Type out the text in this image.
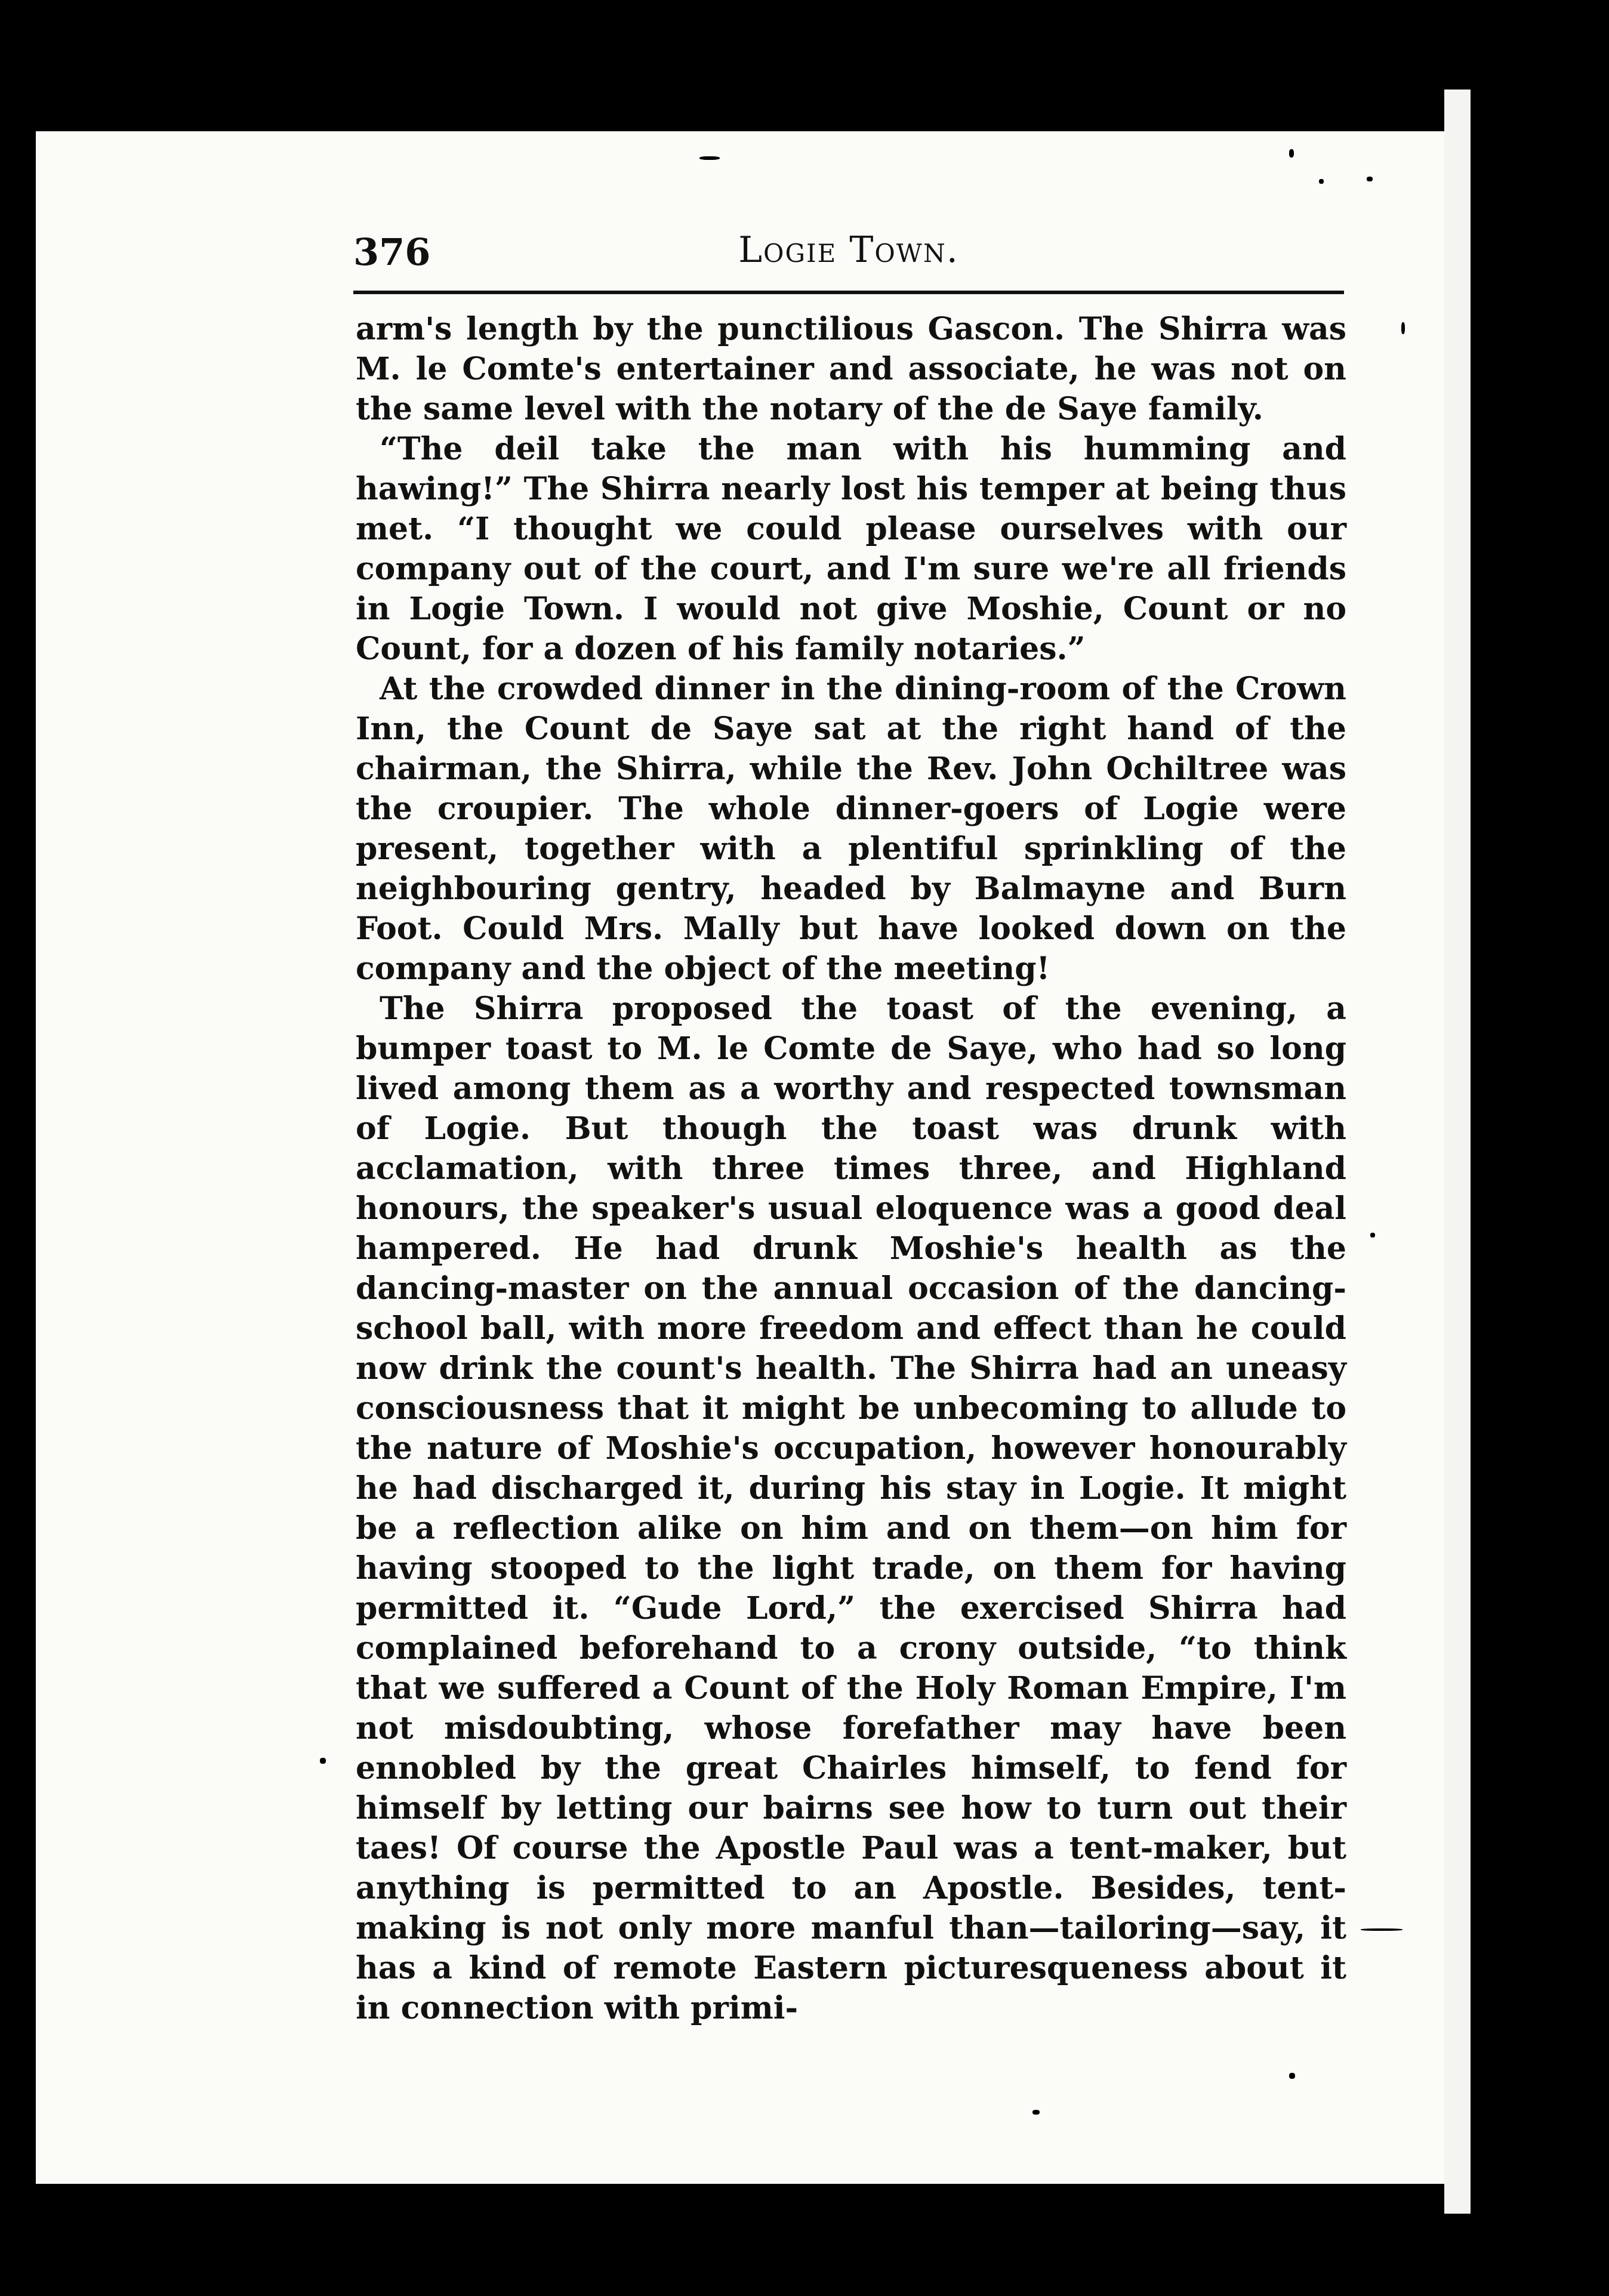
376	Logie Town.

arm's length by the punctilious Gascon. The Shirra was M. le Comte's entertainer and associate, he was not on the same level with the notary of the de Saye family.

“The deil take the man with his humming and hawing!” The Shirra nearly lost his temper at being thus met. “I thought we could please ourselves with our company out of the court, and I'm sure we're all friends in Logie Town. I would not give Moshie, Count or no Count, for a dozen of his family notaries.”

At the crowded dinner in the dining-room of the Crown Inn, the Count de Saye sat at the right hand of the chairman, the Shirra, while the Rev. John Ochiltree was the croupier. The whole dinner-goers of Logie were present, together with a plentiful sprinkling of the neighbouring gentry, headed by Balmayne and Burn Foot. Could Mrs. Mally but have looked down on the company and the object of the meeting!

The Shirra proposed the toast of the evening, a bumper toast to M. le Comte de Saye, who had so long lived among them as a worthy and respected townsman of Logie. But though the toast was drunk with acclamation, with three times three, and Highland honours, the speaker's usual eloquence was a good deal hampered. He had drunk Moshie's health as the dancing-master on the annual occasion of the dancing-school ball, with more freedom and effect than he could now drink the count's health. The Shirra had an uneasy consciousness that it might be unbecoming to allude to the nature of Moshie's occupation, however honourably he had discharged it, during his stay in Logie. It might be a reflection alike on him and on them—on him for having stooped to the light trade, on them for having permitted it. “Gude Lord,” the exercised Shirra had complained beforehand to a crony outside, “to think that we suffered a Count of the Holy Roman Empire, I'm not misdoubting, whose forefather may have been ennobled by the great Chairles himself, to fend for himself by letting our bairns see how to turn out their taes! Of course the Apostle Paul was a tent-maker, but anything is permitted to an Apostle. Besides, tent-making is not only more manful than—tailoring—say, it has a kind of remote Eastern picturesqueness about it in connection with primi-
